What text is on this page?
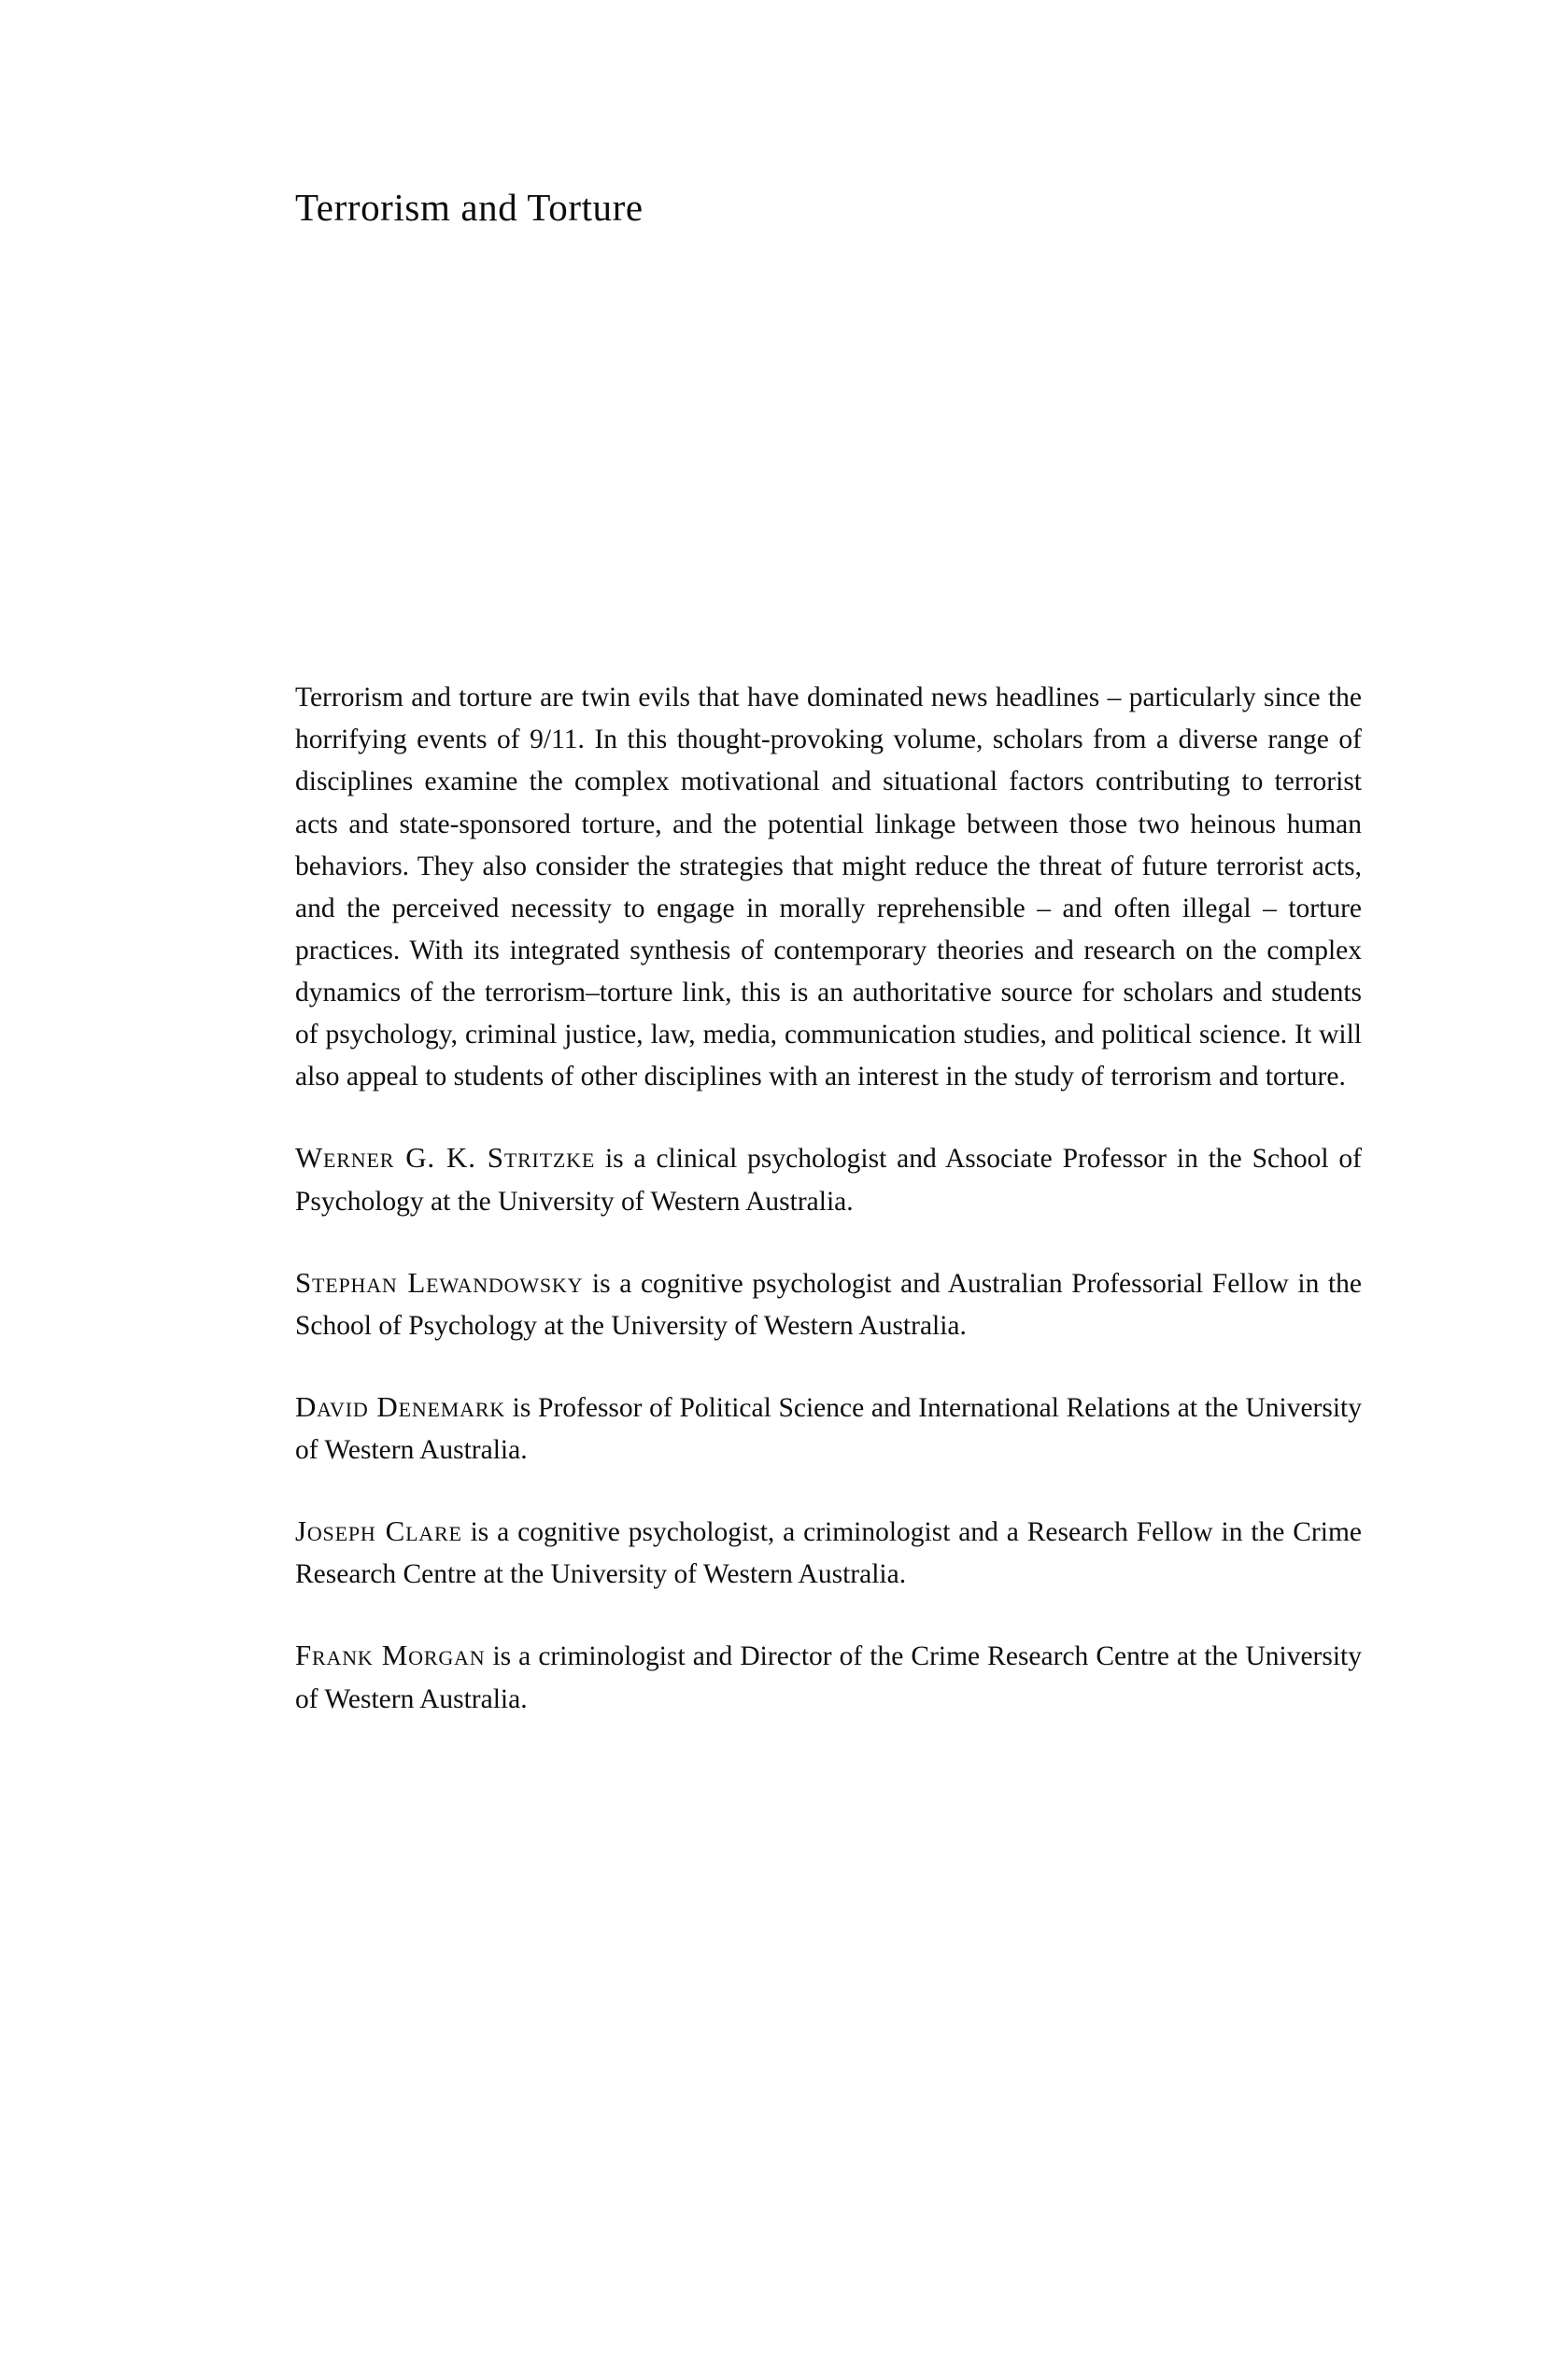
Terrorism and Torture

Terrorism and torture are twin evils that have dominated news headlines – particularly since the horrifying events of 9/11. In this thought-provoking volume, scholars from a diverse range of disciplines examine the complex motivational and situational factors contributing to terrorist acts and state-sponsored torture, and the potential linkage between those two heinous human behaviors. They also consider the strategies that might reduce the threat of future terrorist acts, and the perceived necessity to engage in morally reprehensible – and often illegal – torture practices. With its integrated synthesis of contemporary theories and research on the complex dynamics of the terrorism–torture link, this is an authoritative source for scholars and students of psychology, criminal justice, law, media, communication studies, and political science. It will also appeal to students of other disciplines with an interest in the study of terrorism and torture.

Werner G. K. Stritzke is a clinical psychologist and Associate Professor in the School of Psychology at the University of Western Australia.

Stephan Lewandowsky is a cognitive psychologist and Australian Professorial Fellow in the School of Psychology at the University of Western Australia.

David Denemark is Professor of Political Science and International Relations at the University of Western Australia.

Joseph Clare is a cognitive psychologist, a criminologist and a Research Fellow in the Crime Research Centre at the University of Western Australia.

Frank Morgan is a criminologist and Director of the Crime Research Centre at the University of Western Australia.
